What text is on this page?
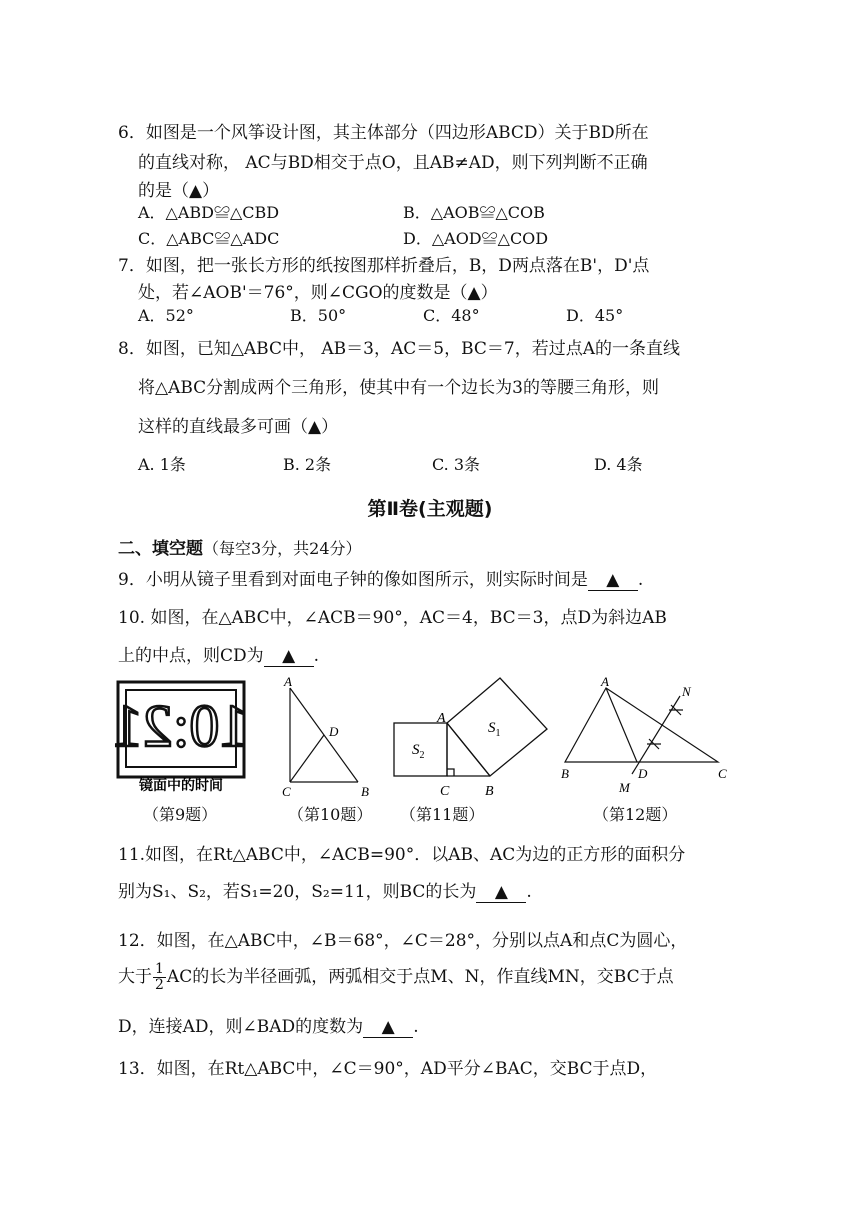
6．如图是一个风筝设计图，其主体部分（四边形ABCD）关于BD所在
的直线对称， AC与BD相交于点O，且AB≠AD，则下列判断不正确
的是（▲）
A．△ABD≌△CBD	B．△AOB≌△COB
C．△ABC≌△ADC	D．△AOD≌△COD
7．如图，把一张长方形的纸按图那样折叠后，B，D两点落在B'，D'点
处，若∠AOB'＝76°，则∠CGO的度数是（▲）
A．52°	B．50°	C．48°	D．45°
8．如图，已知△ABC中， AB＝3，AC＝5，BC＝7，若过点A的一条直线
将△ABC分割成两个三角形，使其中有一个边长为3的等腰三角形，则
这样的直线最多可画（▲）
A. 1条	B. 2条	C. 3条	D. 4条
第Ⅱ卷(主观题)
二、填空题（每空3分，共24分）
9．小明从镜子里看到对面电子钟的像如图所示，则实际时间是 ▲ .
10. 如图，在△ABC中，∠ACB＝90°，AC＝4，BC＝3，点D为斜边AB
上的中点，则CD为 ▲ .
10:21
镜面中的时间
A
B
C
D
A
B
C
$S_1$
$S_2$
A
B	C
D
M
N
（第9题）	（第10题） （第11题）	（第12题）
11.如图，在Rt△ABC中，∠ACB=90°．以AB、AC为边的正方形的面积分
别为S₁、S₂，若S₁=20，S₂=11，则BC的长为 ▲ .
12．如图，在△ABC中，∠B＝68°，∠C＝28°，分别以点A和点C为圆心，
大于 $\frac{1}{2}$ AC的长为半径画弧，两弧相交于点M、N，作直线MN，交BC于点
D，连接AD，则∠BAD的度数为 ▲ .
13．如图，在Rt△ABC中，∠C＝90°，AD平分∠BAC，交BC于点D，
